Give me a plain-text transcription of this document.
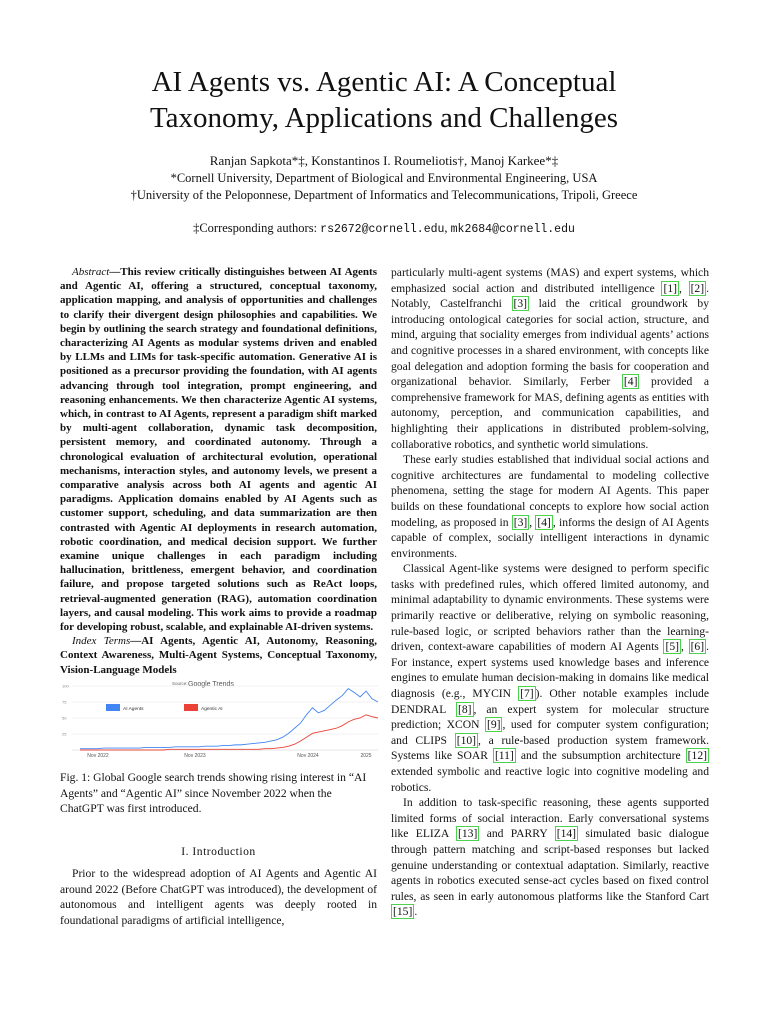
AI Agents vs. Agentic AI: A Conceptual
Taxonomy, Applications and Challenges
Ranjan Sapkota*‡, Konstantinos I. Roumeliotis†, Manoj Karkee*‡
*Cornell University, Department of Biological and Environmental Engineering, USA
†University of the Peloponnese, Department of Informatics and Telecommunications, Tripoli, Greece
‡Corresponding authors: rs2672@cornell.edu, mk2684@cornell.edu
Abstract—This review critically distinguishes between AI Agents and Agentic AI, offering a structured, conceptual taxonomy, application mapping, and analysis of opportunities and challenges to clarify their divergent design philosophies and capabilities. We begin by outlining the search strategy and foundational definitions, characterizing AI Agents as modular systems driven and enabled by LLMs and LIMs for task-specific automation. Generative AI is positioned as a precursor providing the foundation, with AI agents advancing through tool integration, prompt engineering, and reasoning enhancements. We then characterize Agentic AI systems, which, in contrast to AI Agents, represent a paradigm shift marked by multi-agent collaboration, dynamic task decomposition, persistent memory, and coordinated autonomy. Through a chronological evaluation of architectural evolution, operational mechanisms, interaction styles, and autonomy levels, we present a comparative analysis across both AI agents and agentic AI paradigms. Application domains enabled by AI Agents such as customer support, scheduling, and data summarization are then contrasted with Agentic AI deployments in research automation, robotic coordination, and medical decision support. We further examine unique challenges in each paradigm including hallucination, brittleness, emergent behavior, and coordination failure, and propose targeted solutions such as ReAct loops, retrieval-augmented generation (RAG), automation coordination layers, and causal modeling. This work aims to provide a roadmap for developing robust, scalable, and explainable AI-driven systems.
Index Terms—AI Agents, Agentic AI, Autonomy, Reasoning, Context Awareness, Multi-Agent Systems, Conceptual Taxonomy, Vision-Language Models
Source: Google Trends
100
75
50
25
Nov 2022	Nov 2023	Nov 2024	2025
AI Agents	Agentic AI
Fig. 1: Global Google search trends showing rising interest in “AI Agents” and “Agentic AI” since November 2022 when the ChatGPT was first introduced.
I. Introduction

Prior to the widespread adoption of AI Agents and Agentic AI around 2022 (Before ChatGPT was introduced), the development of autonomous and intelligent agents was deeply rooted in foundational paradigms of artificial intelligence,

particularly multi-agent systems (MAS) and expert systems, which emphasized social action and distributed intelligence [1] , [2] . Notably, Castelfranchi [3] laid the critical groundwork by introducing ontological categories for social action, structure, and mind, arguing that sociality emerges from individual agents’ actions and cognitive processes in a shared environment, with concepts like goal delegation and adoption forming the basis for cooperation and organizational behavior. Similarly, Ferber [4] provided a comprehensive framework for MAS, defining agents as entities with autonomy, perception, and communication capabilities, and highlighting their applications in distributed problem-solving, collaborative robotics, and synthetic world simulations.

These early studies established that individual social actions and cognitive architectures are fundamental to modeling collective phenomena, setting the stage for modern AI Agents. This paper builds on these foundational concepts to explore how social action modeling, as proposed in [3] , [4] , informs the design of AI Agents capable of complex, socially intelligent interactions in dynamic environments.

Classical Agent-like systems were designed to perform specific tasks with predefined rules, which offered limited autonomy, and minimal adaptability to dynamic environments. These systems were primarily reactive or deliberative, relying on symbolic reasoning, rule-based logic, or scripted behaviors rather than the learning-driven, context-aware capabilities of modern AI Agents [5] , [6] . For instance, expert systems used knowledge bases and inference engines to emulate human decision-making in domains like medical diagnosis (e.g., MYCIN [7] ). Other notable examples include DENDRAL [8] , an expert system for molecular structure prediction; XCON [9] , used for computer system configuration; and CLIPS [10] , a rule-based production system framework. Systems like SOAR [11] and the subsumption architecture [12] extended symbolic and reactive logic into cognitive modeling and robotics.

In addition to task-specific reasoning, these agents supported limited forms of social interaction. Early conversational systems like ELIZA [13] and PARRY [14] simulated basic dialogue through pattern matching and script-based responses but lacked genuine understanding or contextual adaptation. Similarly, reactive agents in robotics executed sense-act cycles based on fixed control rules, as seen in early autonomous platforms like the Stanford Cart [15] .
